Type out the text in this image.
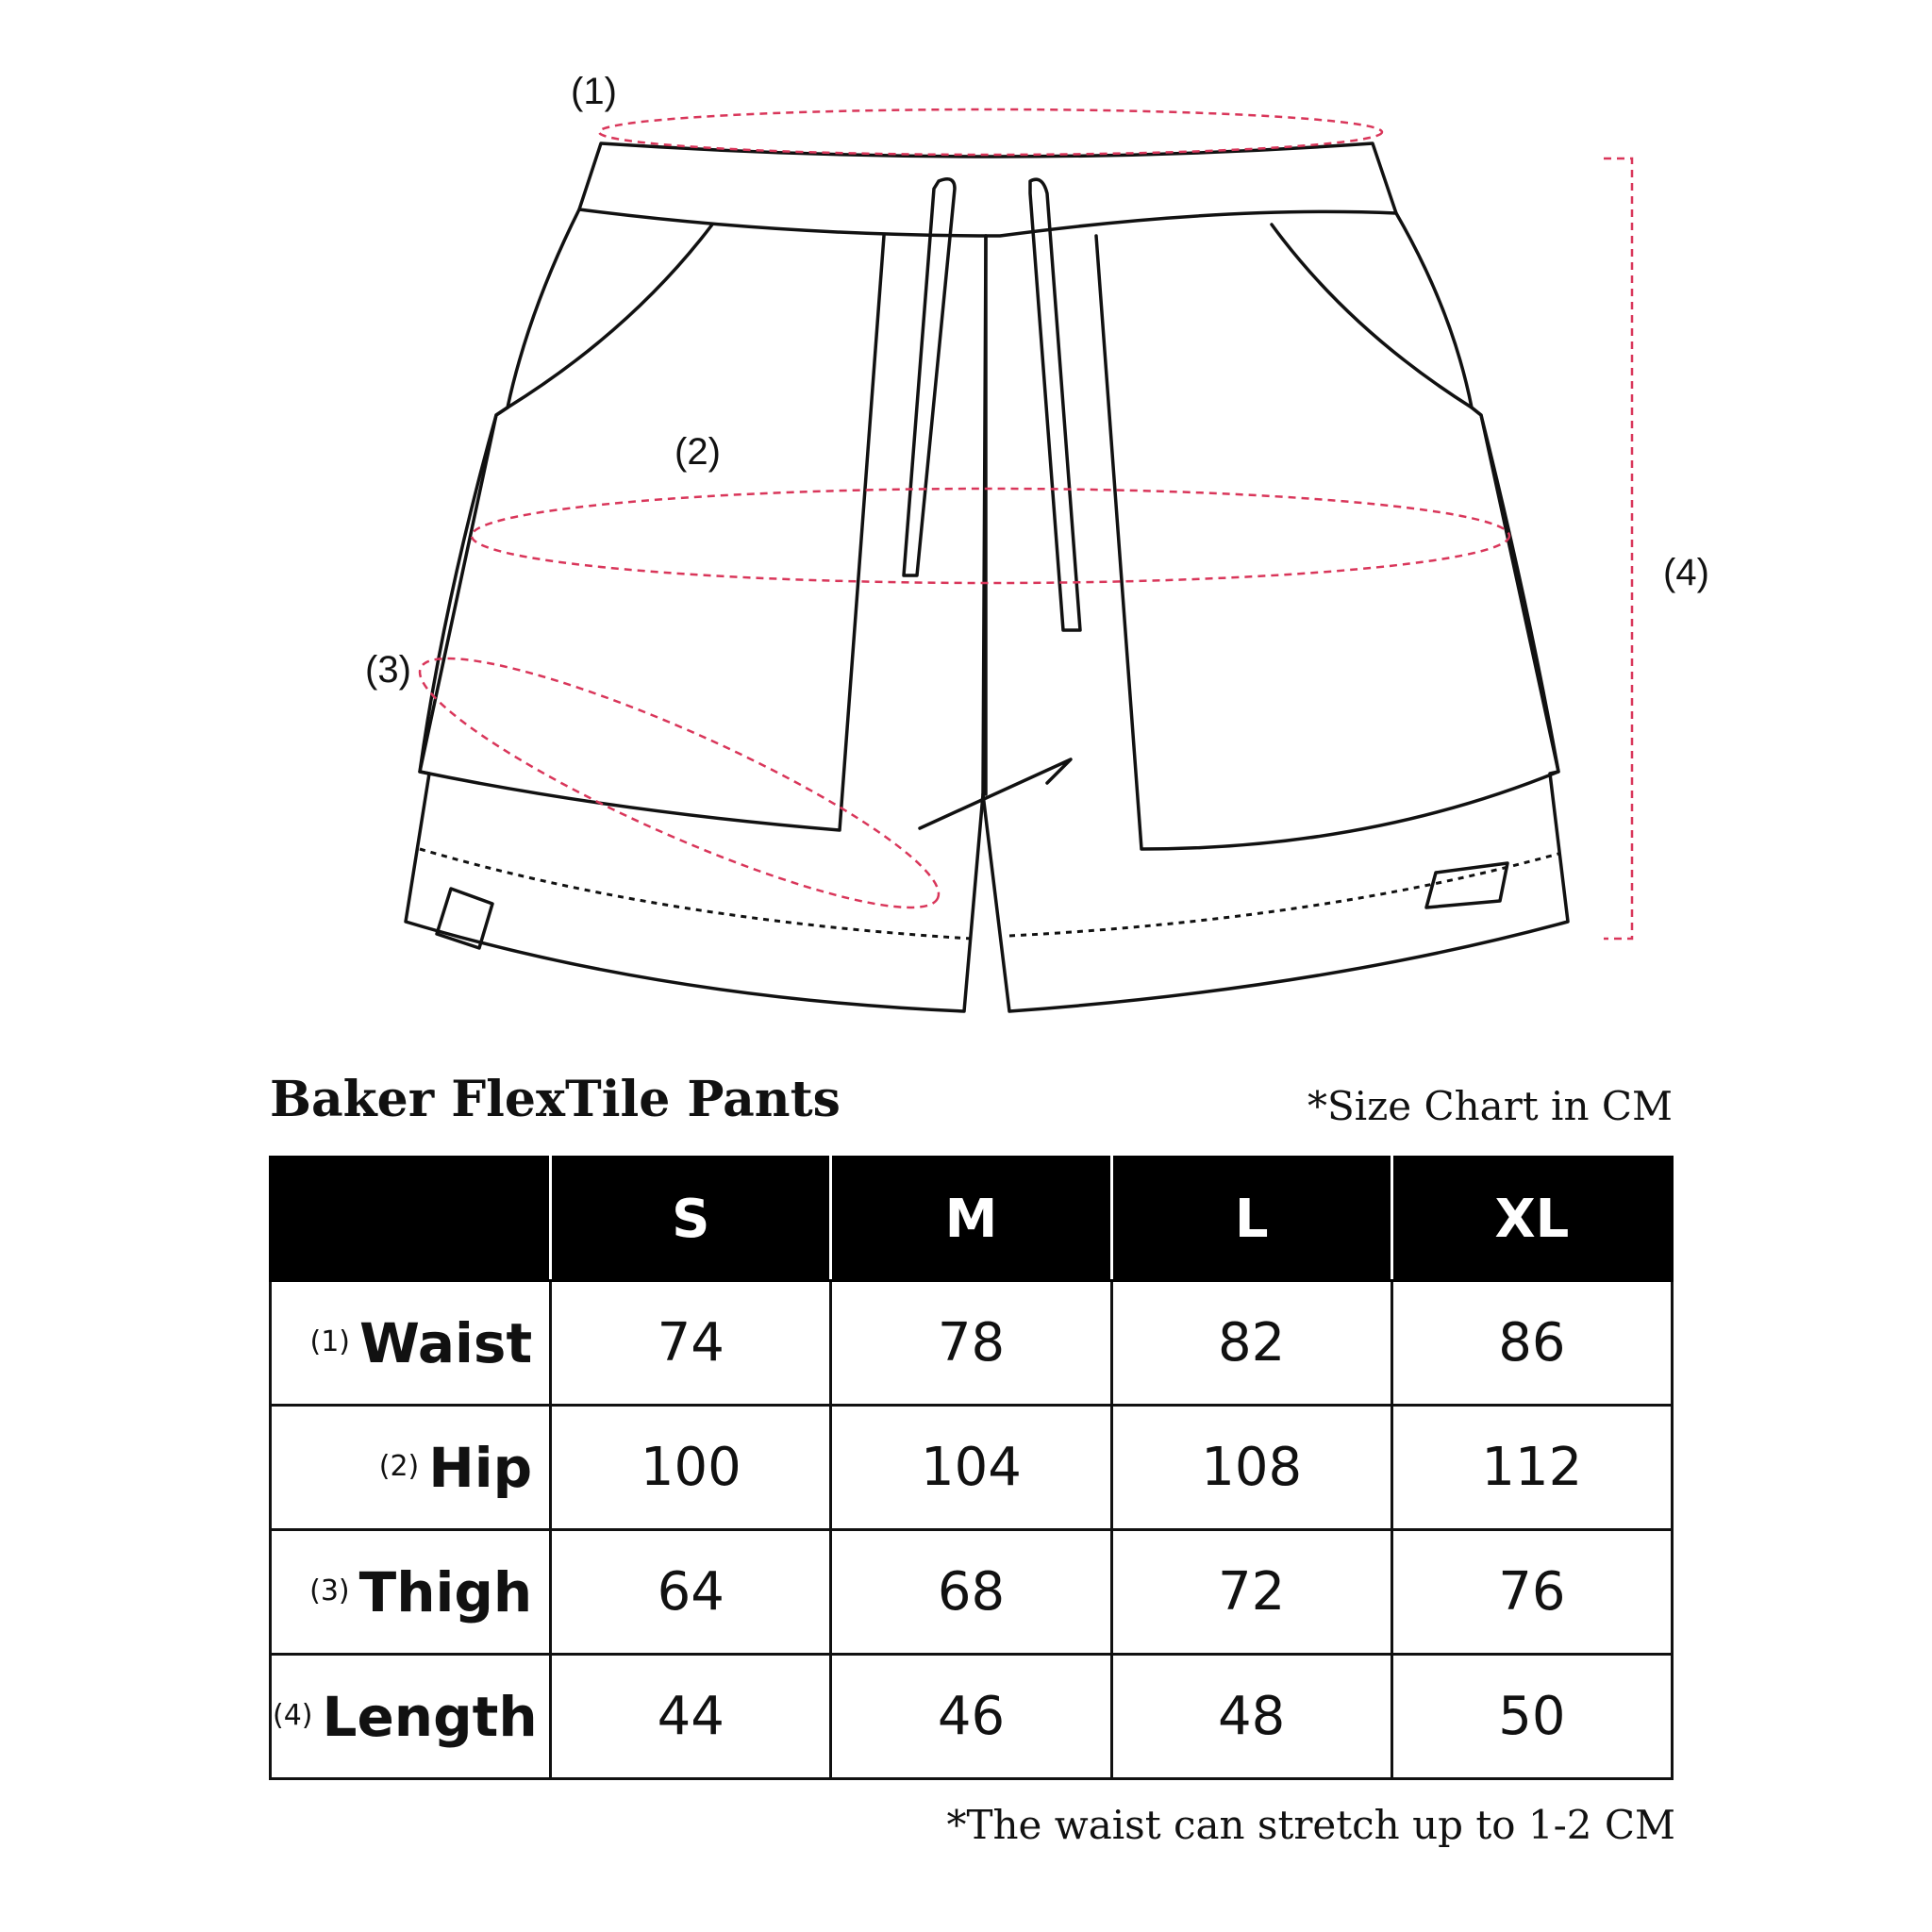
(1)
(2)
(3)
(4)
Baker FlexTile Pants	*Size Chart in CM
	S	M	L	XL
$^{(1)}$ Waist	74	78	82	86
$^{(2)}$ Hip	100	104	108	112
$^{(3)}$ Thigh	64	68	72	76
$^{(4)}$ Length	44	46	48	50
*The waist can stretch up to 1-2 CM
